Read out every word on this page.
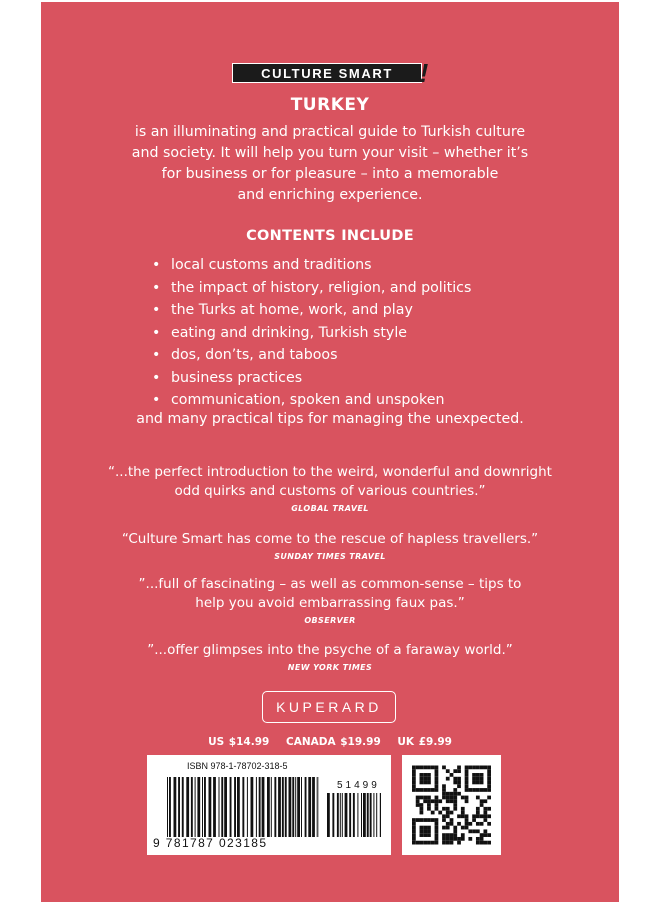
CULTURE SMART !
TURKEY
is an illuminating and practical guide to Turkish culture
and society. It will help you turn your visit – whether it’s
for business or for pleasure – into a memorable
and enriching experience.
CONTENTS INCLUDE
• local customs and traditions
• the impact of history, religion, and politics
• the Turks at home, work, and play
• eating and drinking, Turkish style
• dos, don’ts, and taboos
• business practices
• communication, spoken and unspoken
and many practical tips for managing the unexpected.
“...the perfect introduction to the weird, wonderful and downright
odd quirks and customs of various countries.”
GLOBAL TRAVEL
“Culture Smart has come to the rescue of hapless travellers.”
SUNDAY TIMES TRAVEL
”...full of fascinating – as well as common-sense – tips to
help you avoid embarrassing faux pas.”
OBSERVER
”...offer glimpses into the psyche of a faraway world.”
NEW YORK TIMES
KUPERARD
US $14.99 CANADA $19.99 UK £9.99
ISBN 978-1-78702-318-5
51499
9 781787 023185
